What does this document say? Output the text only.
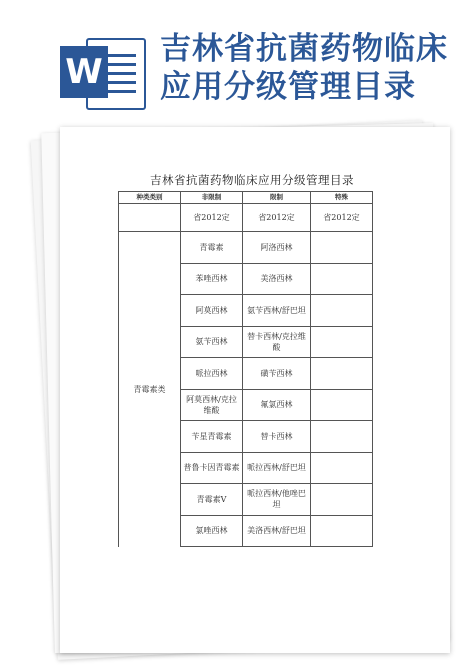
W
吉林省抗菌药物临床应用分级管理目录
吉林省抗菌药物临床应用分级管理目录
种类类别	非限制	限制	特殊
	省2012定	省2012定	省2012定
青霉素类	青霉素	阿洛西林	
	苯唑西林	美洛西林	
	阿莫西林	氨苄西林/舒巴坦	
	氨苄西林	替卡西林/克拉维酸	
	哌拉西林	磺苄西林	
	阿莫西林/克拉维酸	氟氯西林	
	苄星青霉素	替卡西林	
	普鲁卡因青霉素	哌拉西林/舒巴坦	
	青霉素V	哌拉西林/他唑巴坦	
	氯唑西林	美洛西林/舒巴坦	
